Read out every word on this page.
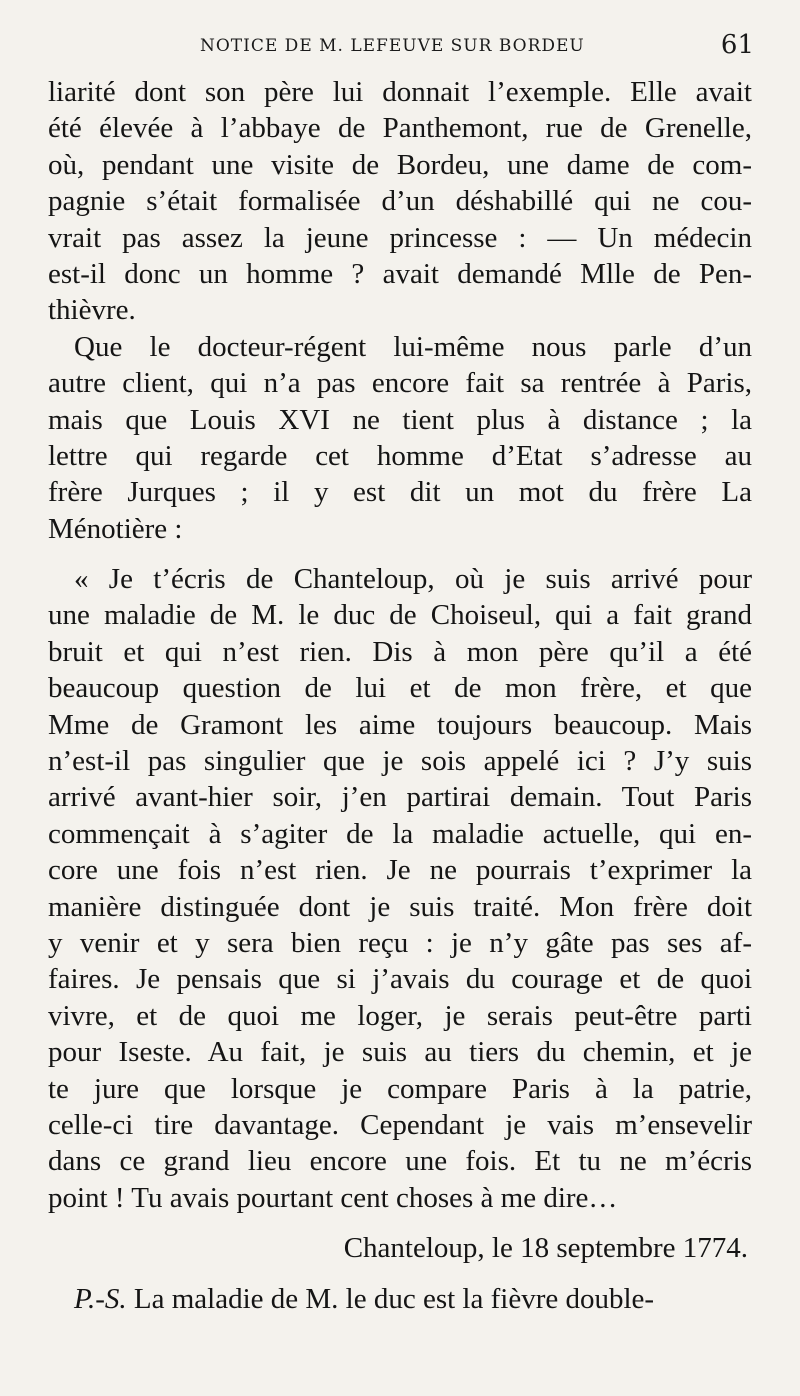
NOTICE DE M. LEFEUVE SUR BORDEU	61
liarité dont son père lui donnait l’exemple. Elle avait
été élevée à l’abbaye de Panthemont, rue de Grenelle,
où, pendant une visite de Bordeu, une dame de com-
pagnie s’était formalisée d’un déshabillé qui ne cou-
vrait pas assez la jeune princesse : — Un médecin
est-il donc un homme ? avait demandé Mlle de Pen-
thièvre.
Que le docteur-régent lui-même nous parle d’un
autre client, qui n’a pas encore fait sa rentrée à Paris,
mais que Louis XVI ne tient plus à distance ; la
lettre qui regarde cet homme d’Etat s’adresse au
frère Jurques ; il y est dit un mot du frère La
Ménotière :
« Je t’écris de Chanteloup, où je suis arrivé pour
une maladie de M. le duc de Choiseul, qui a fait grand
bruit et qui n’est rien. Dis à mon père qu’il a été
beaucoup question de lui et de mon frère, et que
Mme de Gramont les aime toujours beaucoup. Mais
n’est-il pas singulier que je sois appelé ici ? J’y suis
arrivé avant-hier soir, j’en partirai demain. Tout Paris
commençait à s’agiter de la maladie actuelle, qui en-
core une fois n’est rien. Je ne pourrais t’exprimer la
manière distinguée dont je suis traité. Mon frère doit
y venir et y sera bien reçu : je n’y gâte pas ses af-
faires. Je pensais que si j’avais du courage et de quoi
vivre, et de quoi me loger, je serais peut-être parti
pour Iseste. Au fait, je suis au tiers du chemin, et je
te jure que lorsque je compare Paris à la patrie,
celle-ci tire davantage. Cependant je vais m’ensevelir
dans ce grand lieu encore une fois. Et tu ne m’écris
point ! Tu avais pourtant cent choses à me dire…
Chanteloup, le 18 septembre 1774.
P.-S. La maladie de M. le duc est la fièvre double-
